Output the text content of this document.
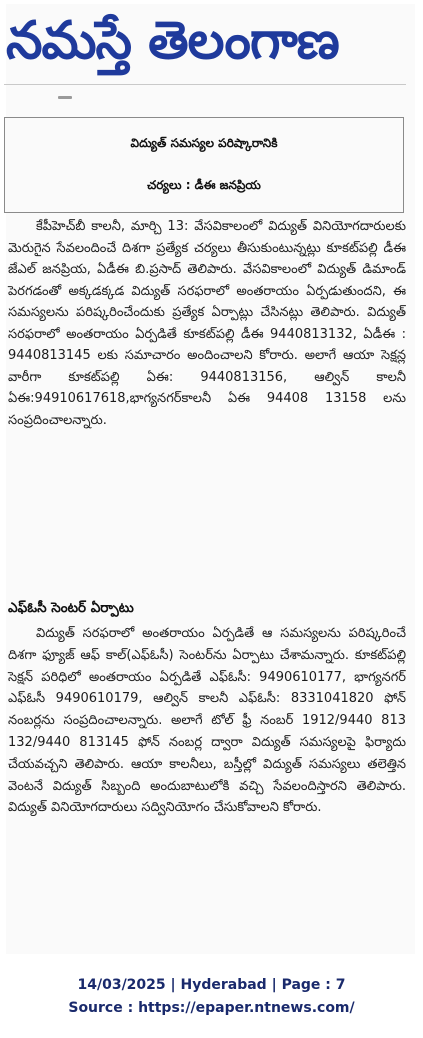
నమస్తే తెలంగాణ
విద్యుత్ సమస్యల పరిష్కారానికి
చర్యలు : డీఈ జనప్రియ

కేపీహెచ్‌బీ కాలనీ, మార్చి 13: వేసవికాలంలో విద్యుత్ వినియోగదారులకు మెరుగైన సేవలందించే దిశగా ప్రత్యేక చర్యలు తీసుకుంటున్నట్లు కూకట్‌పల్లి డీఈ జేఎల్ జనప్రియ, ఏడీఈ బి.ప్రసాద్ తెలిపారు. వేసవికాలంలో విద్యుత్ డిమాండ్ పెరగడంతో అక్కడక్కడ విద్యుత్ సరఫరాలో అంతరాయం ఏర్పడుతుందని, ఈ సమస్యలను పరిష్కరించేందుకు ప్రత్యేక ఏర్పాట్లు చేసినట్లు తెలిపారు. విద్యుత్ సరఫరాలో అంతరాయం ఏర్పడితే కూకట్‌పల్లి డీఈ 9440813132, ఏడీఈ : 9440813145 లకు సమాచారం అందించాలని కోరారు. అలాగే ఆయా సెక్షన్ల వారీగా కూకట్‌పల్లి ఏఈ: 9440813156, ఆల్విన్ కాలనీ ఏఈ:94910617618,భాగ్యనగర్‌కాలనీ ఏఈ 94408 13158 లను సంప్రదించాలన్నారు.

ఎఫ్‌ఓసీ సెంటర్ ఏర్పాటు

విద్యుత్ సరఫరాలో అంతరాయం ఏర్పడితే ఆ సమస్యలను పరిష్కరించే దిశగా ఫ్యూజ్ ఆఫ్ కాల్(ఎఫ్‌ఓసీ) సెంటర్‌ను ఏర్పాటు చేశామన్నారు. కూకట్‌పల్లి సెక్షన్ పరిధిలో అంతరాయం ఏర్పడితే ఎఫ్‌ఓసీ: 9490610177, భాగ్యనగర్ ఎఫ్‌ఓసీ 9490610179, ఆల్విన్ కాలనీ ఎఫ్‌ఓసీ: 8331041820 ఫోన్ నంబర్లను సంప్రదించాలన్నారు. అలాగే టోల్ ఫ్రీ నంబర్ 1912/9440 813 132/9440 813145 ఫోన్ నంబర్ల ద్వారా విద్యుత్ సమస్యలపై ఫిర్యాదు చేయవచ్చని తెలిపారు. ఆయా కాలనీలు, బస్తీల్లో విద్యుత్ సమస్యలు తలెత్తిన వెంటనే విద్యుత్ సిబ్బంది అందుబాటులోకి వచ్చి సేవలందిస్తారని తెలిపారు. విద్యుత్ వినియోగదారులు సద్వినియోగం చేసుకోవాలని కోరారు.

14/03/2025 | Hyderabad | Page : 7
Source : https://epaper.ntnews.com/
